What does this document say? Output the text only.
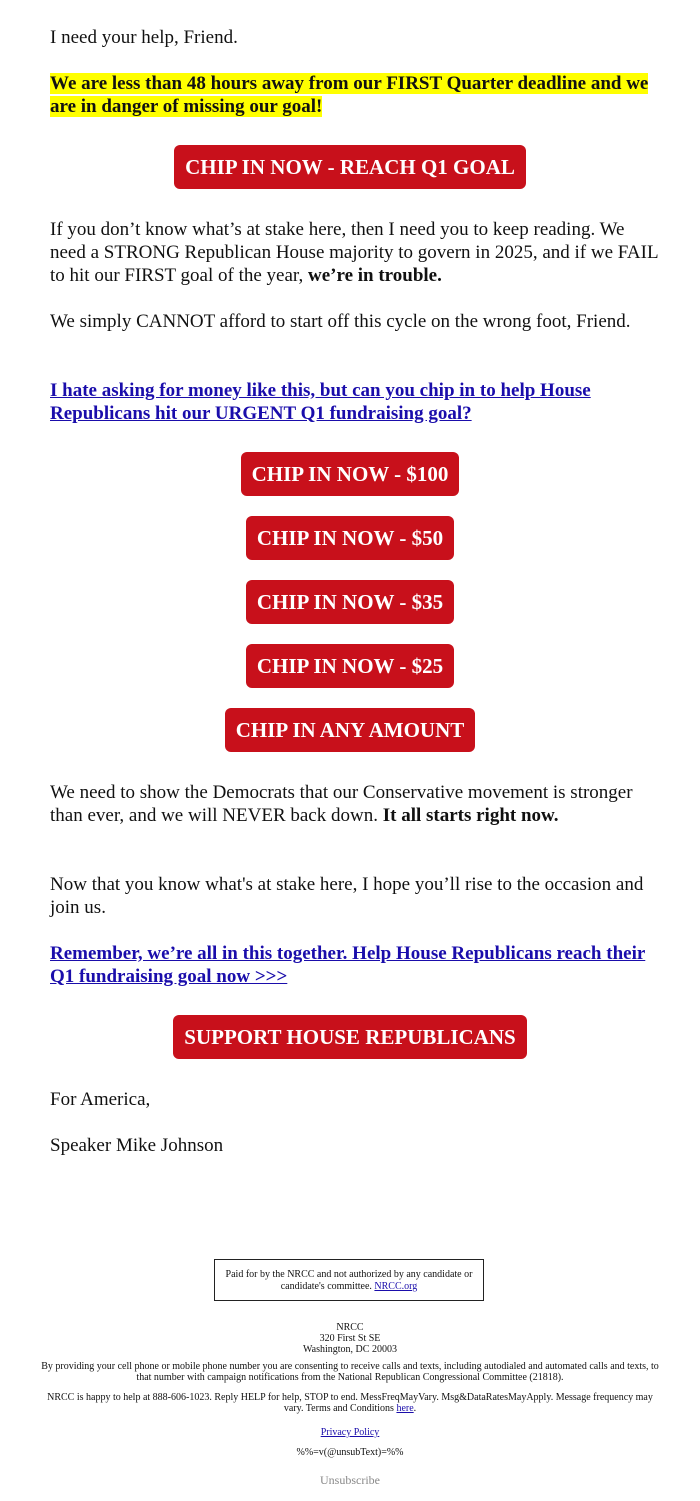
I need your help, Friend.

We are less than 48 hours away from our FIRST Quarter deadline and we are in danger of missing our goal!

CHIP IN NOW - REACH Q1 GOAL

If you don’t know what’s at stake here, then I need you to keep reading. We need a STRONG Republican House majority to govern in 2025, and if we FAIL to hit our FIRST goal of the year, we’re in trouble.

We simply CANNOT afford to start off this cycle on the wrong foot, Friend.

I hate asking for money like this, but can you chip in to help House Republicans hit our URGENT Q1 fundraising goal?

CHIP IN NOW - $100
CHIP IN NOW - $50
CHIP IN NOW - $35
CHIP IN NOW - $25
CHIP IN ANY AMOUNT

We need to show the Democrats that our Conservative movement is stronger than ever, and we will NEVER back down. It all starts right now.

Now that you know what's at stake here, I hope you’ll rise to the occasion and join us.

Remember, we’re all in this together. Help House Republicans reach their Q1 fundraising goal now >>>

SUPPORT HOUSE REPUBLICANS

For America,

Speaker Mike Johnson

Paid for by the NRCC and not authorized by any candidate or candidate's committee. NRCC.org

NRCC
320 First St SE
Washington, DC 20003

By providing your cell phone or mobile phone number you are consenting to receive calls and texts, including autodialed and automated calls and texts, to that number with campaign notifications from the National Republican Congressional Committee (21818).

NRCC is happy to help at 888-606-1023. Reply HELP for help, STOP to end. MessFreqMayVary. Msg&DataRatesMayApply. Message frequency may vary. Terms and Conditions here.

Privacy Policy

%%=v(@unsubText)=%%

Unsubscribe
